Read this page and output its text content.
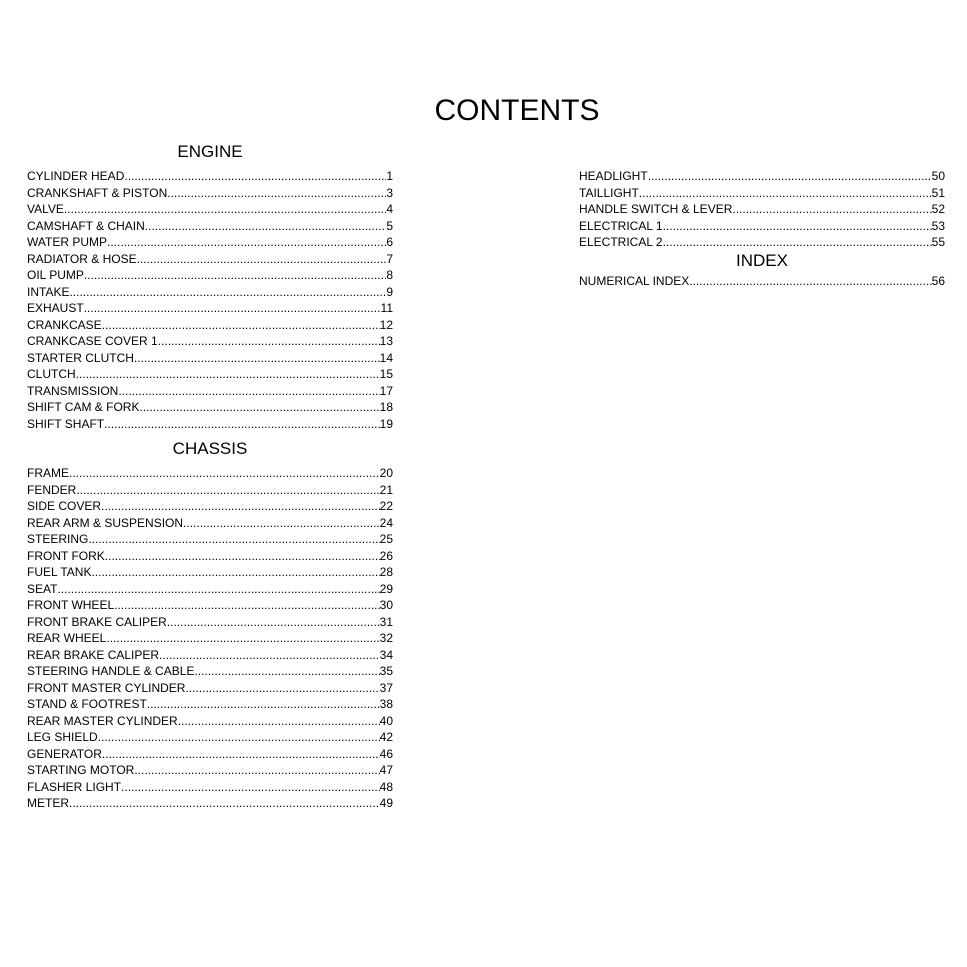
CONTENTS
ENGINE
CYLINDER HEAD .....	1
CRANKSHAFT & PISTON .....	3
VALVE .....	4
CAMSHAFT & CHAIN .....	5
WATER PUMP .....	6
RADIATOR & HOSE .....	7
OIL PUMP .....	8
INTAKE .....	9
EXHAUST .....	11
CRANKCASE .....	12
CRANKCASE COVER 1 .....	13
STARTER CLUTCH .....	14
CLUTCH .....	15
TRANSMISSION .....	17
SHIFT CAM & FORK .....	18
SHIFT SHAFT .....	19
CHASSIS
FRAME .....	20
FENDER .....	21
SIDE COVER .....	22
REAR ARM & SUSPENSION .....	24
STEERING .....	25
FRONT FORK .....	26
FUEL TANK .....	28
SEAT .....	29
FRONT WHEEL .....	30
FRONT BRAKE CALIPER .....	31
REAR WHEEL .....	32
REAR BRAKE CALIPER .....	34
STEERING HANDLE & CABLE .....	35
FRONT MASTER CYLINDER .....	37
STAND & FOOTREST .....	38
REAR MASTER CYLINDER .....	40
LEG SHIELD .....	42
GENERATOR .....	46
STARTING MOTOR .....	47
FLASHER LIGHT .....	48
METER .....	49
HEADLIGHT .....	50
TAILLIGHT .....	51
HANDLE SWITCH & LEVER .....	52
ELECTRICAL 1 .....	53
ELECTRICAL 2 .....	55
INDEX
NUMERICAL INDEX .....	56
